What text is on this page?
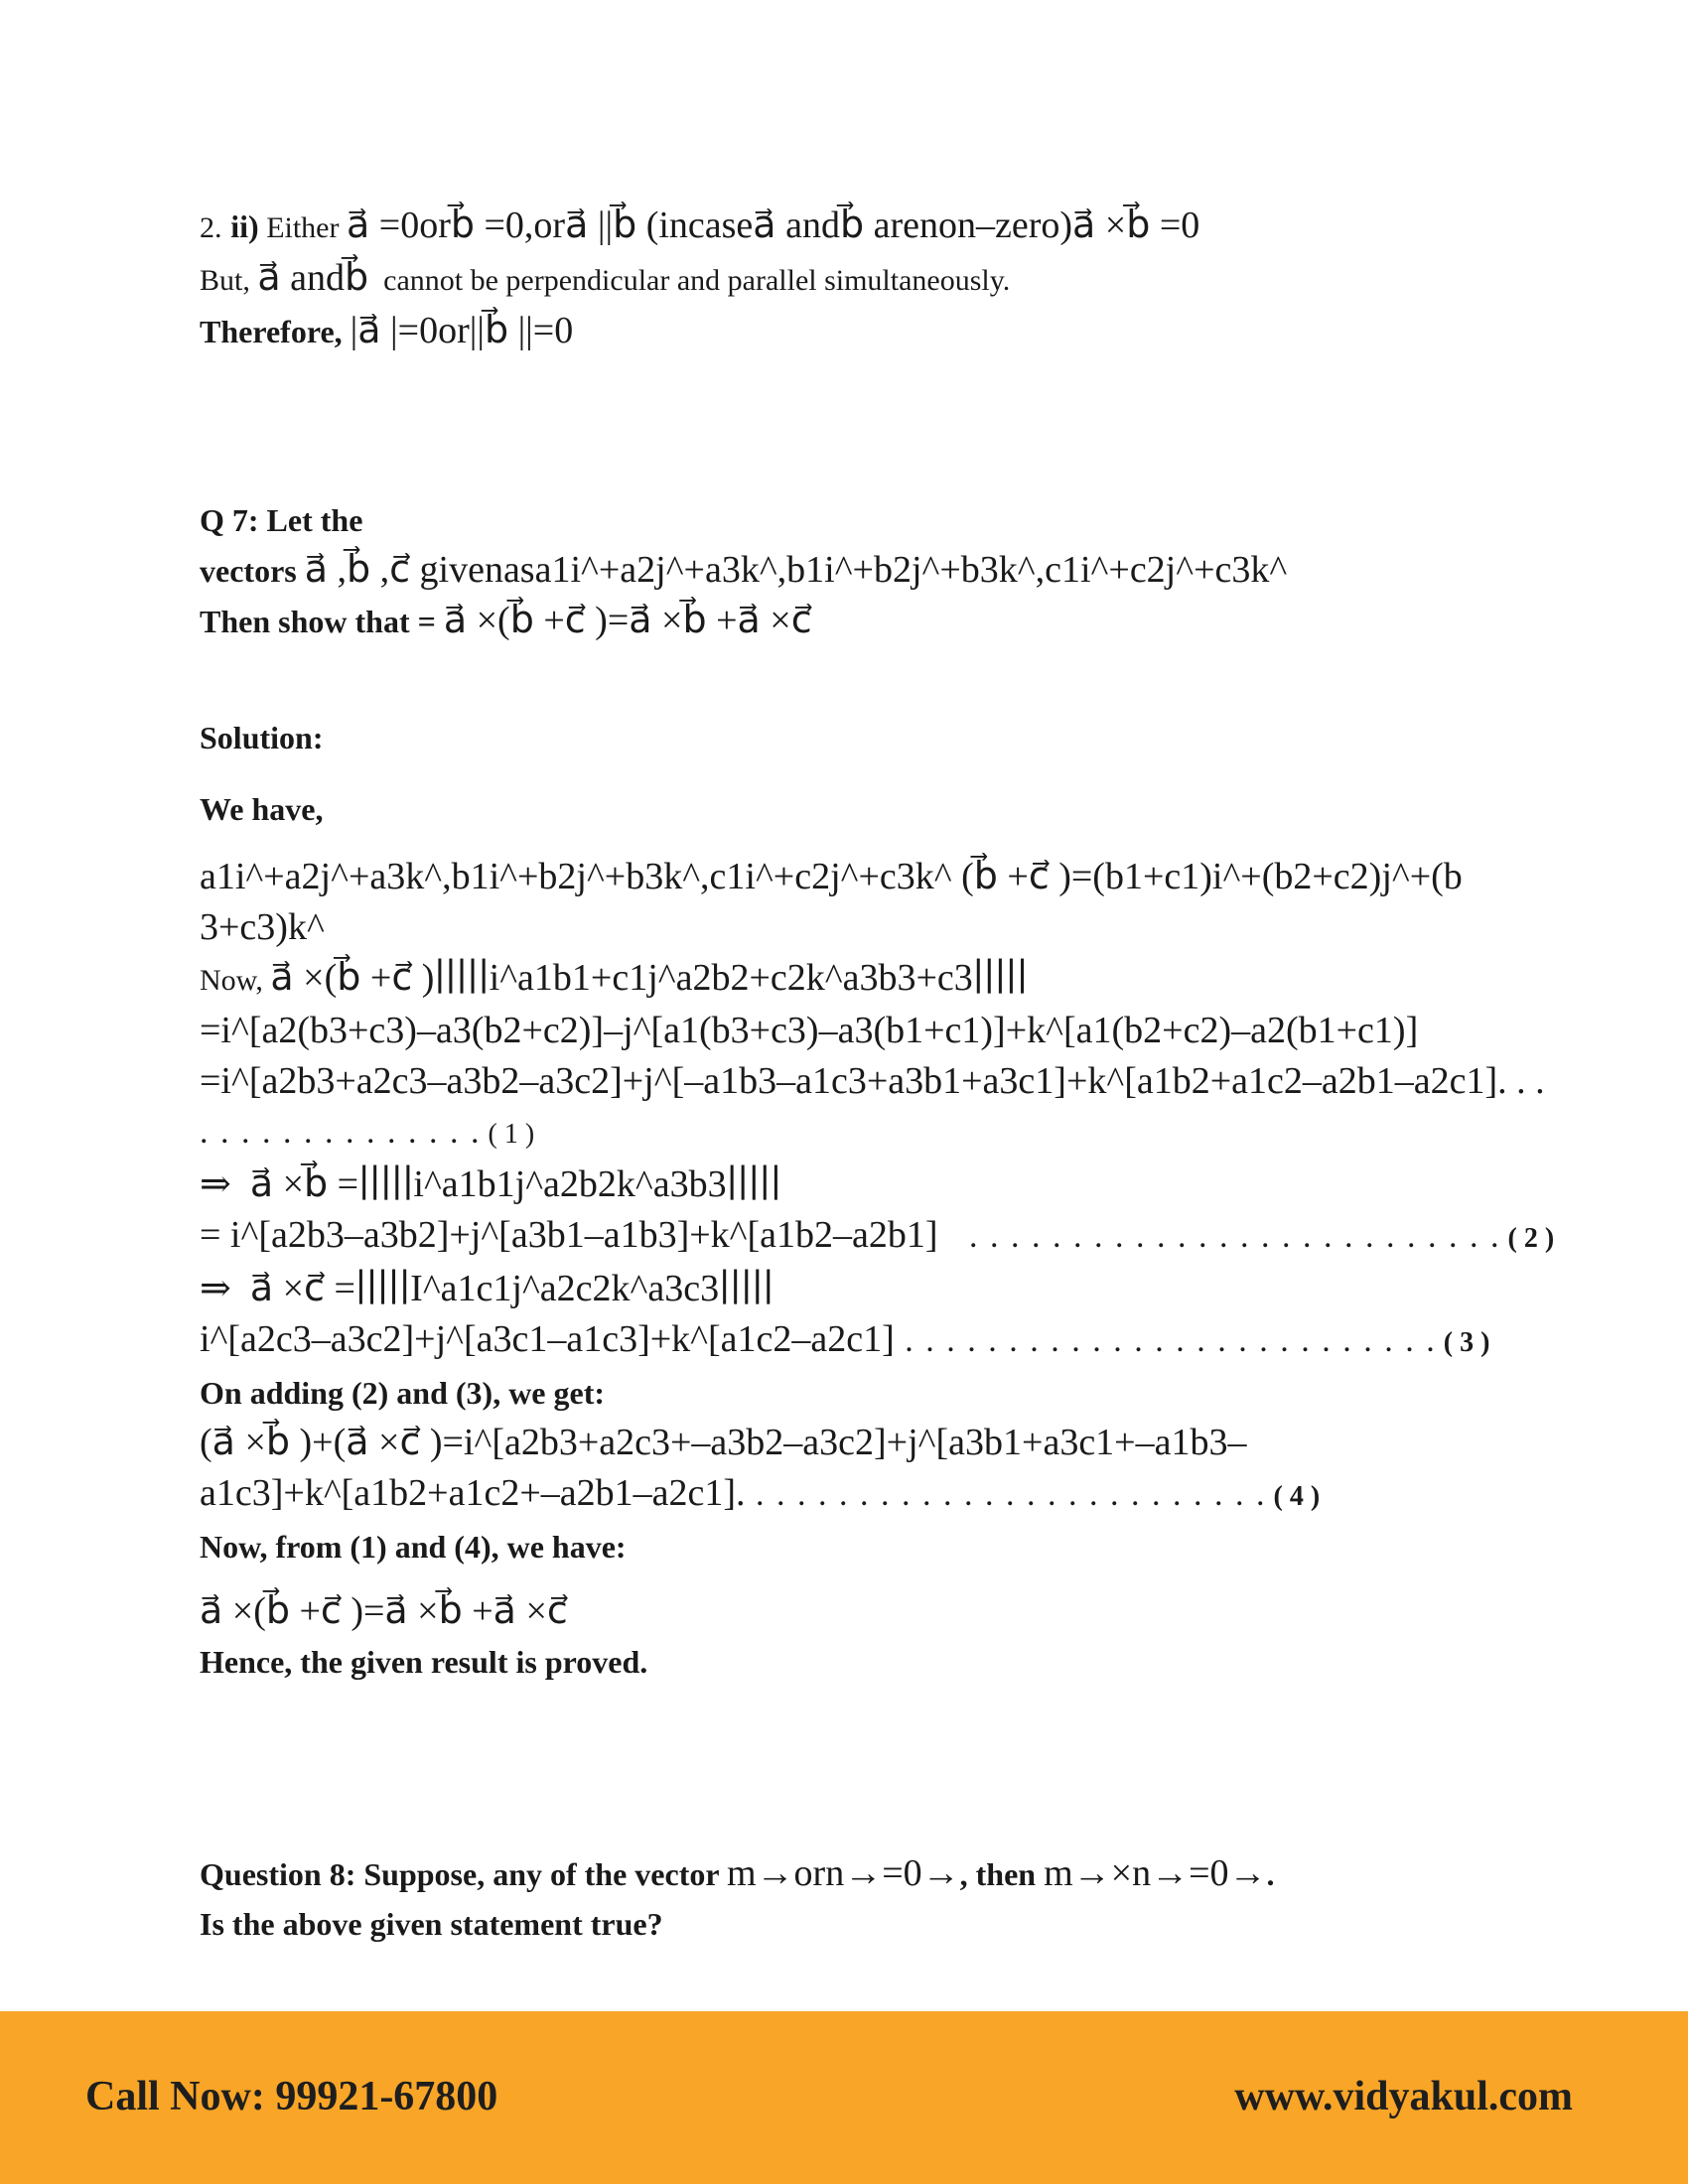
2. ii) Either a⃗ =0orb⃗ =0,ora⃗ ||b⃗ (incasea⃗ andb⃗ arenon–zero)a⃗ ×b⃗ =0
But, a⃗ andb⃗  cannot be perpendicular and parallel simultaneously.
Therefore, |a⃗ |=0or||b⃗ ||=0
Q 7: Let the
vectors a⃗ ,b⃗ ,c⃗ givenasa1i^+a2j^+a3k^,b1i^+b2j^+b3k^,c1i^+c2j^+c3k^
Then show that = a⃗ ×(b⃗ +c⃗ )=a⃗ ×b⃗ +a⃗ ×c⃗
Solution:
We have,
a1i^+a2j^+a3k^,b1i^+b2j^+b3k^,c1i^+c2j^+c3k^ (b⃗ +c⃗ )=(b1+c1)i^+(b2+c2)j^+(b
3+c3)k^
Now, a⃗ ×(b⃗ +c⃗ )∣∣∣∣∣i^a1b1+c1j^a2b2+c2k^a3b3+c3∣∣∣∣∣
=i^[a2(b3+c3)–a3(b2+c2)]–j^[a1(b3+c3)–a3(b1+c1)]+k^[a1(b2+c2)–a2(b1+c1)]
=i^[a2b3+a2c3–a3b2–a3c2]+j^[–a1b3–a1c3+a3b1+a3c1]+k^[a1b2+a1c2–a2b1–a2c1]. . .
. . . . . . . . . . . . . . ( 1 )
⇒  a⃗ ×b⃗ =∣∣∣∣∣i^a1b1j^a2b2k^a3b3∣∣∣∣∣
= i^[a2b3–a3b2]+j^[a3b1–a1b3]+k^[a1b2–a2b1]   . . . . . . . . . . . . . . . . . . . . . . . . . . ( 2 )
⇒  a⃗ ×c⃗ =∣∣∣∣∣I^a1c1j^a2c2k^a3c3∣∣∣∣∣
i^[a2c3–a3c2]+j^[a3c1–a1c3]+k^[a1c2–a2c1] . . . . . . . . . . . . . . . . . . . . . . . . . . ( 3 )
On adding (2) and (3), we get:
(a⃗ ×b⃗ )+(a⃗ ×c⃗ )=i^[a2b3+a2c3+–a3b2–a3c2]+j^[a3b1+a3c1+–a1b3–
a1c3]+k^[a1b2+a1c2+–a2b1–a2c1]. . . . . . . . . . . . . . . . . . . . . . . . . . ( 4 )
Now, from (1) and (4), we have:
a⃗ ×(b⃗ +c⃗ )=a⃗ ×b⃗ +a⃗ ×c⃗
Hence, the given result is proved.
Question 8: Suppose, any of the vector m→orn→=0→, then m→×n→=0→.
Is the above given statement true?
Call Now: 99921-67800	www.vidyakul.com
